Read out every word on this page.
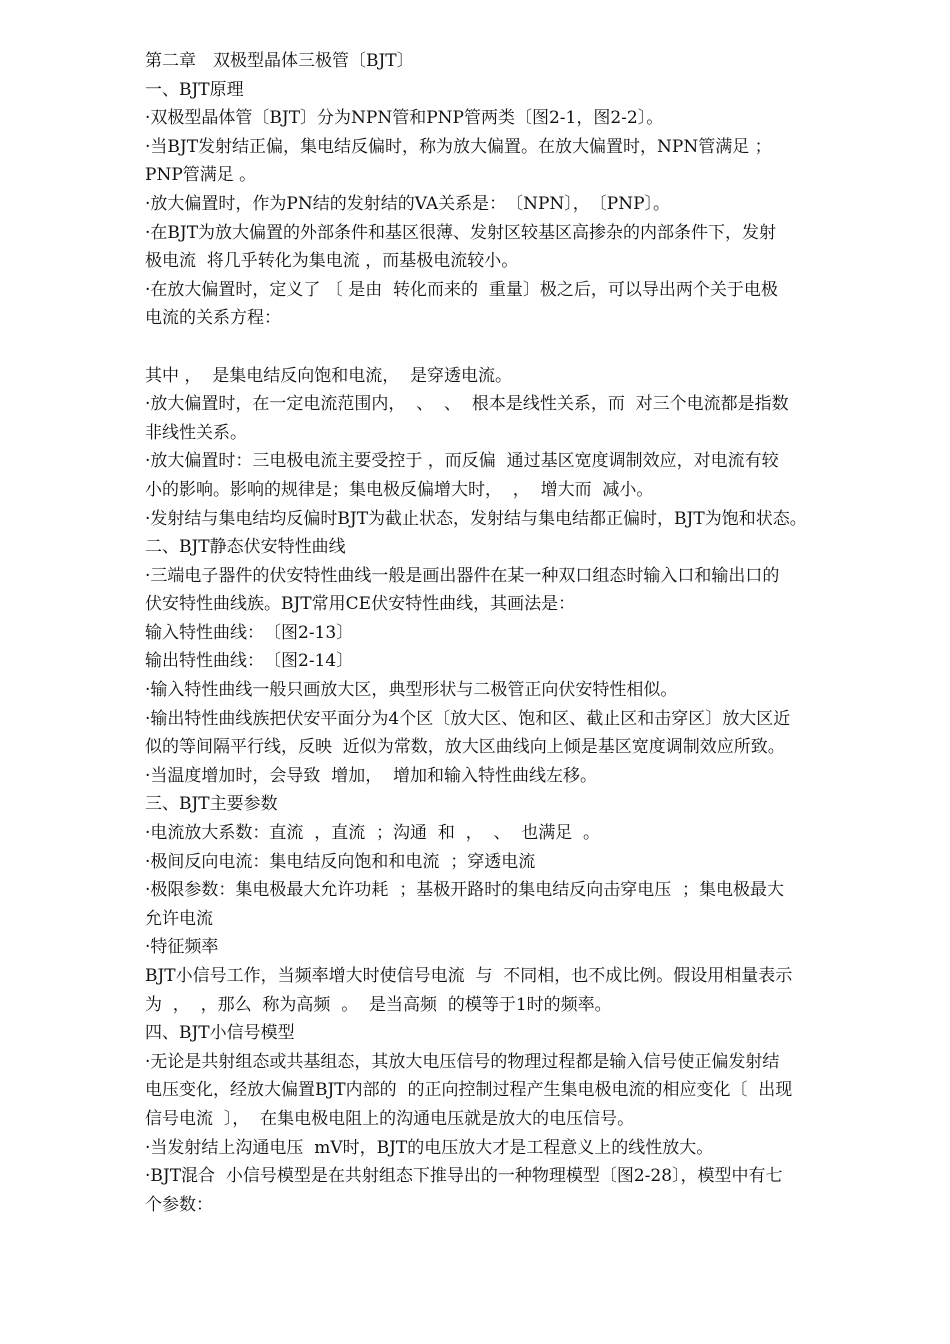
第二章　双极型晶体三极管〔BJT〕
一、BJT原理
·双极型晶体管〔BJT〕分为NPN管和PNP管两类〔图2-1，图2-2〕。
·当BJT发射结正偏，集电结反偏时，称为放大偏置。在放大偏置时，NPN管满足 ；
PNP管满足 。
·放大偏置时，作为PN结的发射结的VA关系是：　〔NPN〕，　〔PNP〕。
·在BJT为放大偏置的外部条件和基区很薄、发射区较基区高掺杂的内部条件下，发射
极电流  将几乎转化为集电流 ，而基极电流较小。
·在放大偏置时，定义了 〔 是由  转化而来的  重量〕极之后，可以导出两个关于电极
电流的关系方程：
其中 ，  是集电结反向饱和电流，  是穿透电流。
·放大偏置时，在一定电流范围内，  、  、  根本是线性关系，而  对三个电流都是指数
非线性关系。
·放大偏置时：三电极电流主要受控于 ，而反偏  通过基区宽度调制效应，对电流有较
小的影响。影响的规律是；集电极反偏增大时，  ，  增大而  减小。
·发射结与集电结均反偏时BJT为截止状态，发射结与集电结都正偏时，BJT为饱和状态。
二、BJT静态伏安特性曲线
·三端电子器件的伏安特性曲线一般是画出器件在某一种双口组态时输入口和输出口的
伏安特性曲线族。BJT常用CE伏安特性曲线，其画法是：
输入特性曲线：　〔图2-13〕
输出特性曲线：　〔图2-14〕
·输入特性曲线一般只画放大区，典型形状与二极管正向伏安特性相似。
·输出特性曲线族把伏安平面分为4个区〔放大区、饱和区、截止区和击穿区〕放大区近
似的等间隔平行线，反映  近似为常数，放大区曲线向上倾是基区宽度调制效应所致。
·当温度增加时，会导致  增加，  增加和输入特性曲线左移。
三、BJT主要参数
·电流放大系数：直流  ，直流  ；沟通  和  ，  、  也满足  。
·极间反向电流：集电结反向饱和和电流  ；穿透电流
·极限参数：集电极最大允许功耗  ；基极开路时的集电结反向击穿电压  ；集电极最大
允许电流
·特征频率
BJT小信号工作，当频率增大时使信号电流  与  不同相，也不成比例。假设用相量表示
为  ，  ，那么  称为高频  。  是当高频  的模等于1时的频率。
四、BJT小信号模型
·无论是共射组态或共基组态，其放大电压信号的物理过程都是输入信号使正偏发射结
电压变化，经放大偏置BJT内部的  的正向控制过程产生集电极电流的相应变化〔  出现
信号电流  〕，  在集电极电阻上的沟通电压就是放大的电压信号。
·当发射结上沟通电压  mV时，BJT的电压放大才是工程意义上的线性放大。
·BJT混合  小信号模型是在共射组态下推导出的一种物理模型〔图2-28〕，模型中有七
个参数：
